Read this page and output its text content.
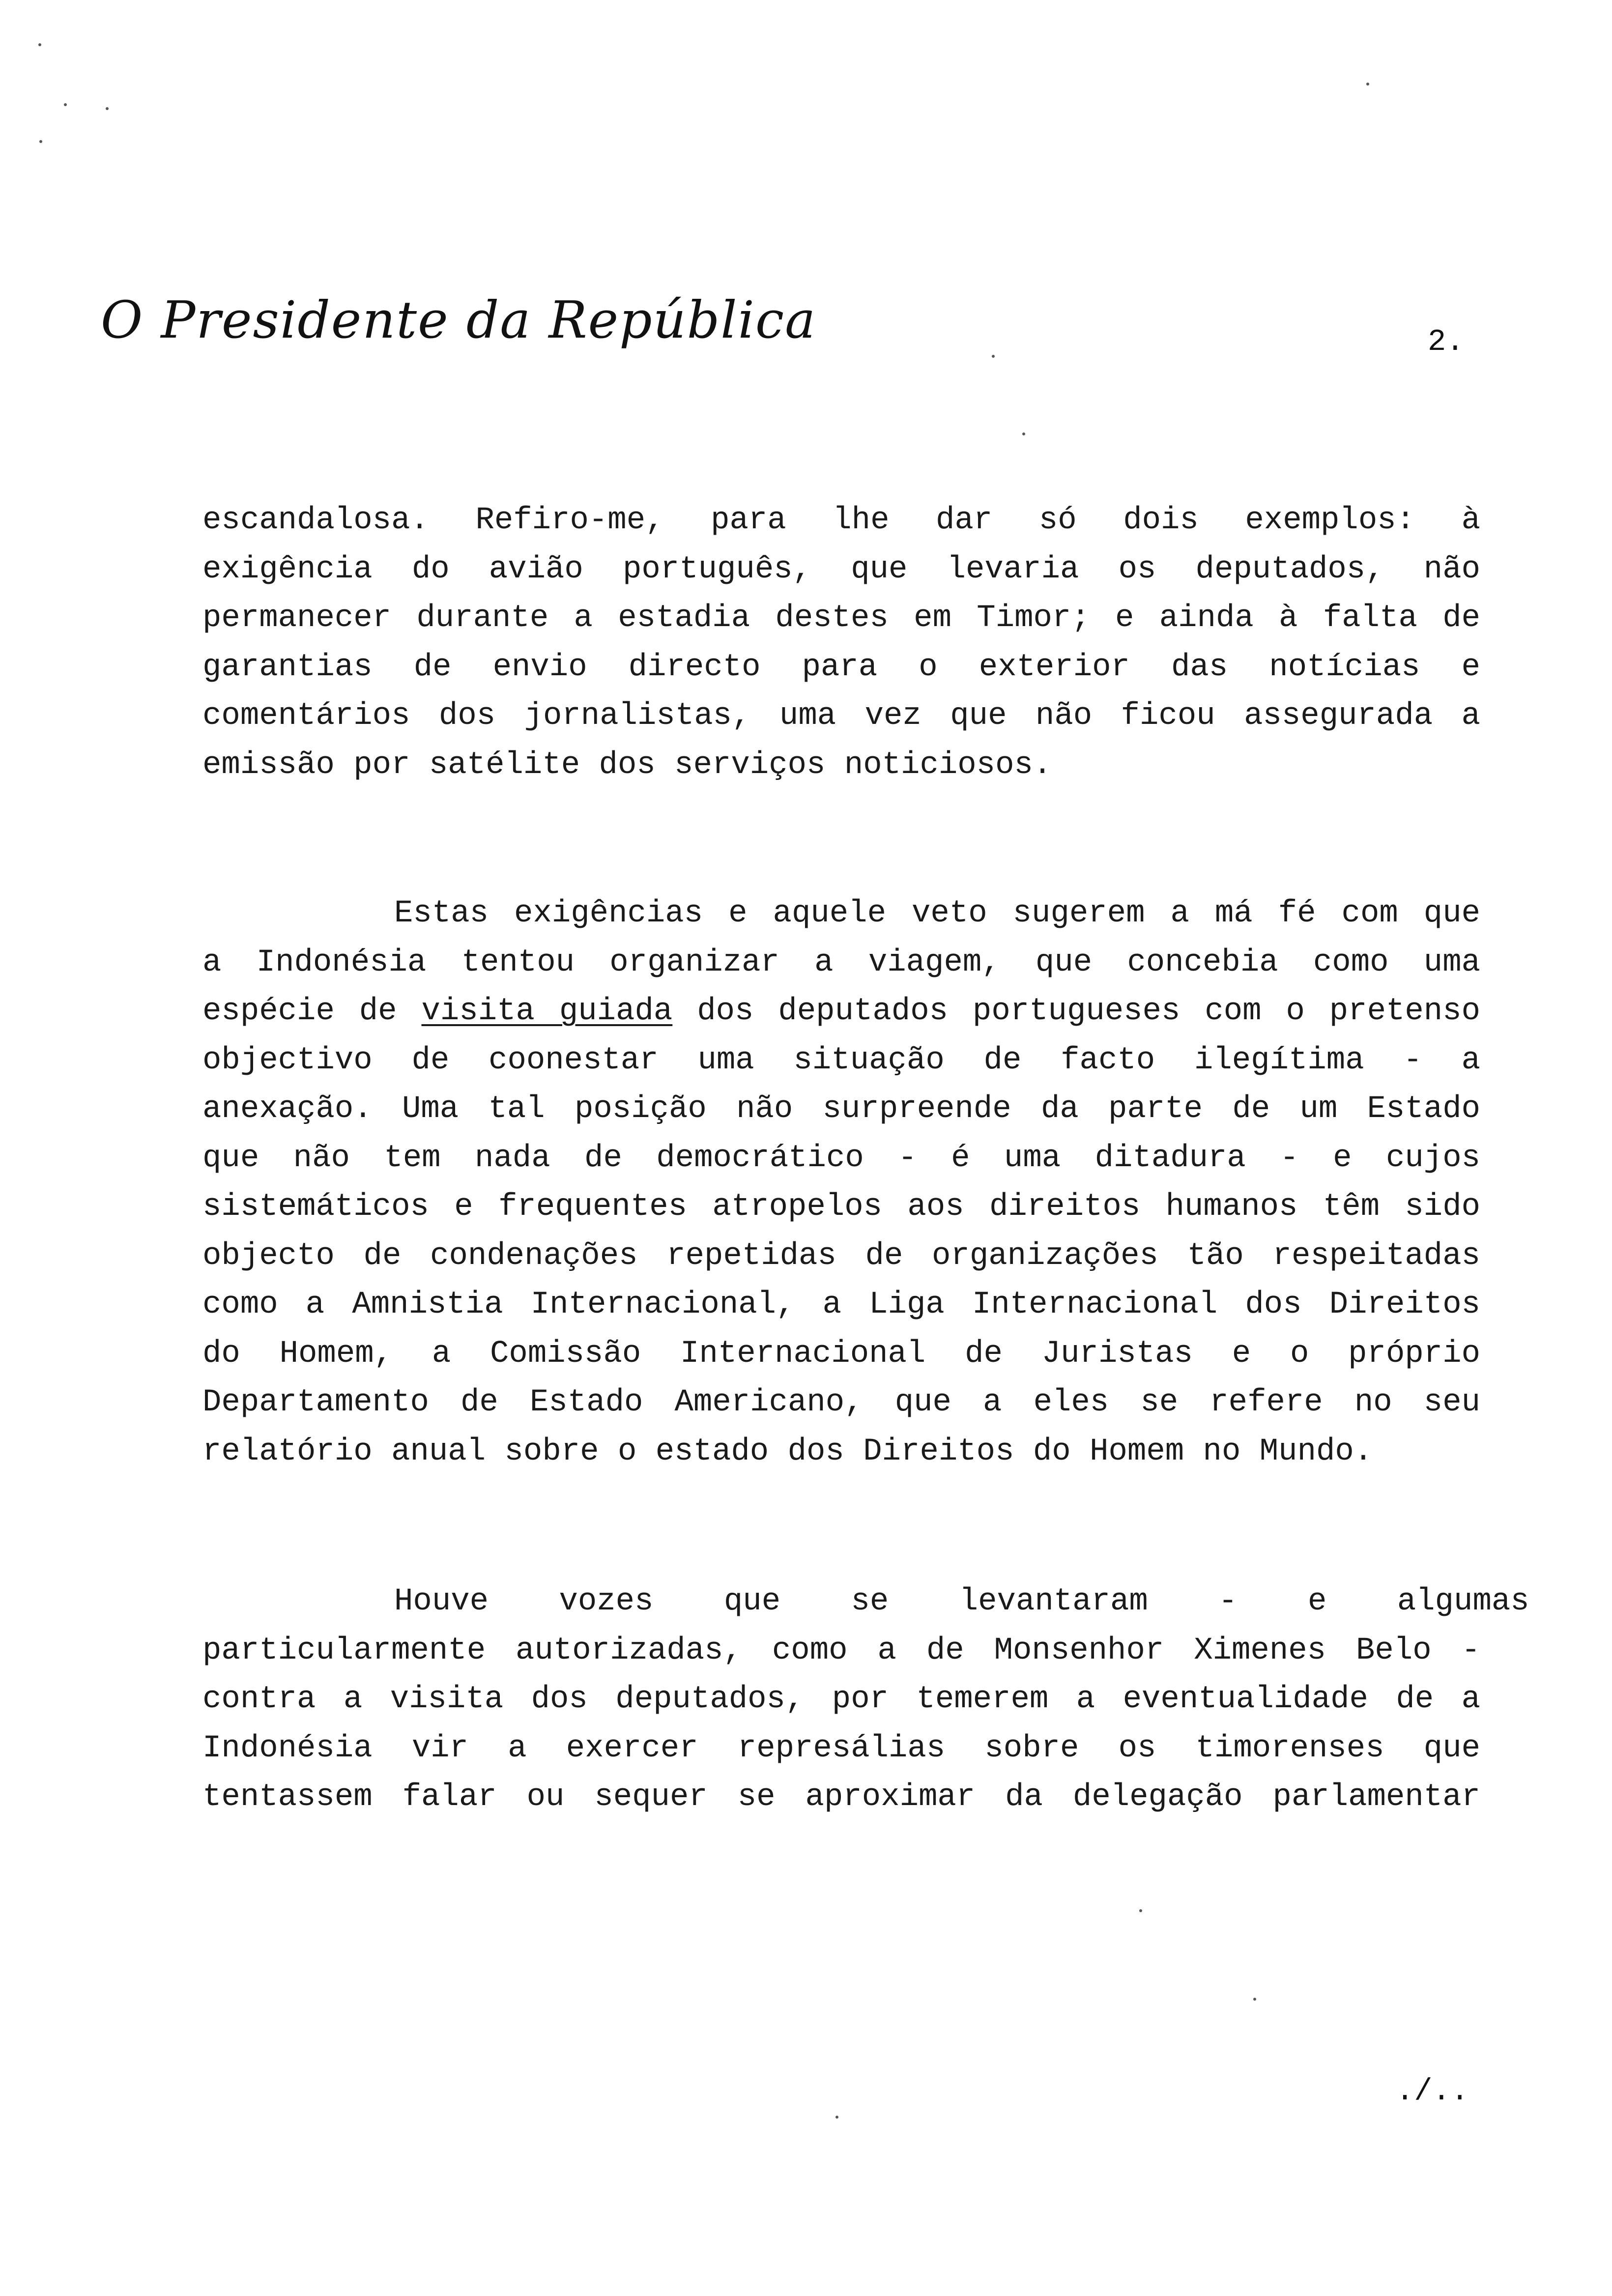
O Presidente da República	2.
escandalosa. Refiro-me, para lhe dar só dois exemplos: à
exigência do avião português, que levaria os deputados, não
permanecer durante a estadia destes em Timor; e ainda à falta de
garantias de envio directo para o exterior das notícias e
comentários dos jornalistas, uma vez que não ficou assegurada a
emissão por satélite dos serviços noticiosos.
Estas exigências e aquele veto sugerem a má fé com que
a Indonésia tentou organizar a viagem, que concebia como uma
espécie de visita guiada dos deputados portugueses com o pretenso
objectivo de coonestar uma situação de facto ilegítima - a
anexação. Uma tal posição não surpreende da parte de um Estado
que não tem nada de democrático - é uma ditadura - e cujos
sistemáticos e frequentes atropelos aos direitos humanos têm sido
objecto de condenações repetidas de organizações tão respeitadas
como a Amnistia Internacional, a Liga Internacional dos Direitos
do Homem, a Comissão Internacional de Juristas e o próprio
Departamento de Estado Americano, que a eles se refere no seu
relatório anual sobre o estado dos Direitos do Homem no Mundo.
Houve vozes que se levantaram - e algumas
particularmente autorizadas, como a de Monsenhor Ximenes Belo -
contra a visita dos deputados, por temerem a eventualidade de a
Indonésia vir a exercer represálias sobre os timorenses que
tentassem falar ou sequer se aproximar da delegação parlamentar
./..
